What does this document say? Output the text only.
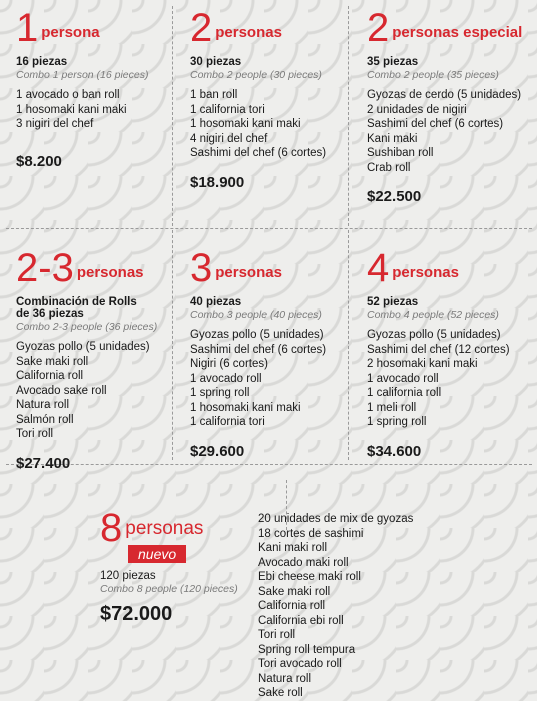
1 persona
16 piezas
Combo 1 person (16 pieces)
1 avocado o ban roll
1 hosomaki kani maki
3 nigiri del chef
$8.200
2 personas
30 piezas
Combo 2 people (30 pieces)
1 ban roll
1 california tori
1 hosomaki kani maki
4 nigiri del chef
Sashimi del chef (6 cortes)
$18.900
2 personas especial
35 piezas
Combo 2 people (35 pieces)
Gyozas de cerdo (5 unidades)
2 unidades de nigiri
Sashimi del chef (6 cortes)
Kani maki
Sushiban roll
Crab roll
$22.500
2-3 personas
Combinación de Rolls de 36 piezas
Combo 2-3 people (36 pieces)
Gyozas pollo (5 unidades)
Sake maki roll
California roll
Avocado sake roll
Natura roll
Salmón roll
Tori roll
$27.400
3 personas
40 piezas
Combo 3 people (40 pieces)
Gyozas pollo (5 unidades)
Sashimi del chef (6 cortes)
Nigiri (6 cortes)
1 avocado roll
1 spring roll
1 hosomaki kani maki
1 california tori
$29.600
4 personas
52 piezas
Combo 4 people (52 pieces)
Gyozas pollo (5 unidades)
Sashimi del chef (12 cortes)
2 hosomaki kani maki
1 avocado roll
1 california roll
1 meli roll
1 spring roll
$34.600
8 personas
nuevo
120 piezas
Combo 8 people (120 pieces)
$72.000
20 unidades de mix de gyozas
18 cortes de sashimi
Kani maki roll
Avocado maki roll
Ebi cheese maki roll
Sake maki roll
California roll
California ebi roll
Tori roll
Spring roll tempura
Tori avocado roll
Natura roll
Sake roll
